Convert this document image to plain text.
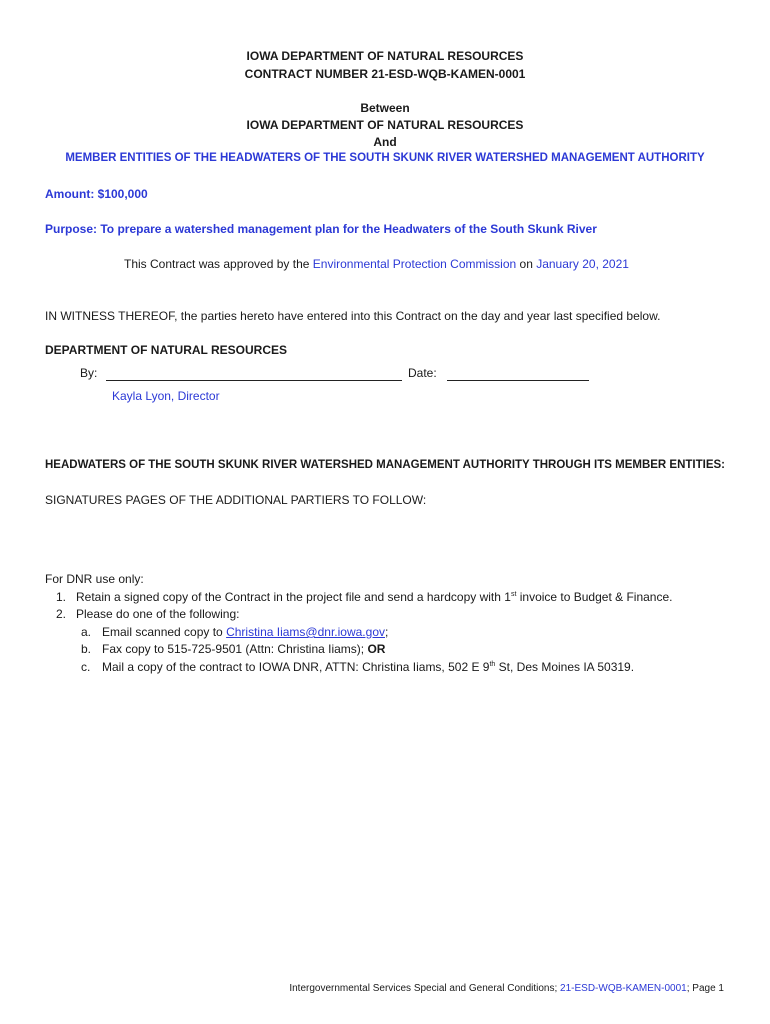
IOWA DEPARTMENT OF NATURAL RESOURCES
CONTRACT NUMBER 21-ESD-WQB-KAMEN-0001
Between
IOWA DEPARTMENT OF NATURAL RESOURCES
And
MEMBER ENTITIES OF THE HEADWATERS OF THE SOUTH SKUNK RIVER WATERSHED MANAGEMENT AUTHORITY
Amount: $100,000
Purpose: To prepare a watershed management plan for the Headwaters of the South Skunk River
This Contract was approved by the Environmental Protection Commission on January 20, 2021
IN WITNESS THEREOF, the parties hereto have entered into this Contract on the day and year last specified below.
DEPARTMENT OF NATURAL RESOURCES
By:	Date:
Kayla Lyon, Director
HEADWATERS OF THE SOUTH SKUNK RIVER WATERSHED MANAGEMENT AUTHORITY THROUGH ITS MEMBER ENTITIES:
SIGNATURES PAGES OF THE ADDITIONAL PARTIERS TO FOLLOW:
For DNR use only:
1. Retain a signed copy of the Contract in the project file and send a hardcopy with 1st invoice to Budget & Finance.
2. Please do one of the following:
a. Email scanned copy to Christina Iiams@dnr.iowa.gov;
b. Fax copy to 515-725-9501 (Attn: Christina Iiams); OR
c. Mail a copy of the contract to IOWA DNR, ATTN: Christina Iiams, 502 E 9th St, Des Moines IA 50319.
Intergovernmental Services Special and General Conditions; 21-ESD-WQB-KAMEN-0001; Page 1
